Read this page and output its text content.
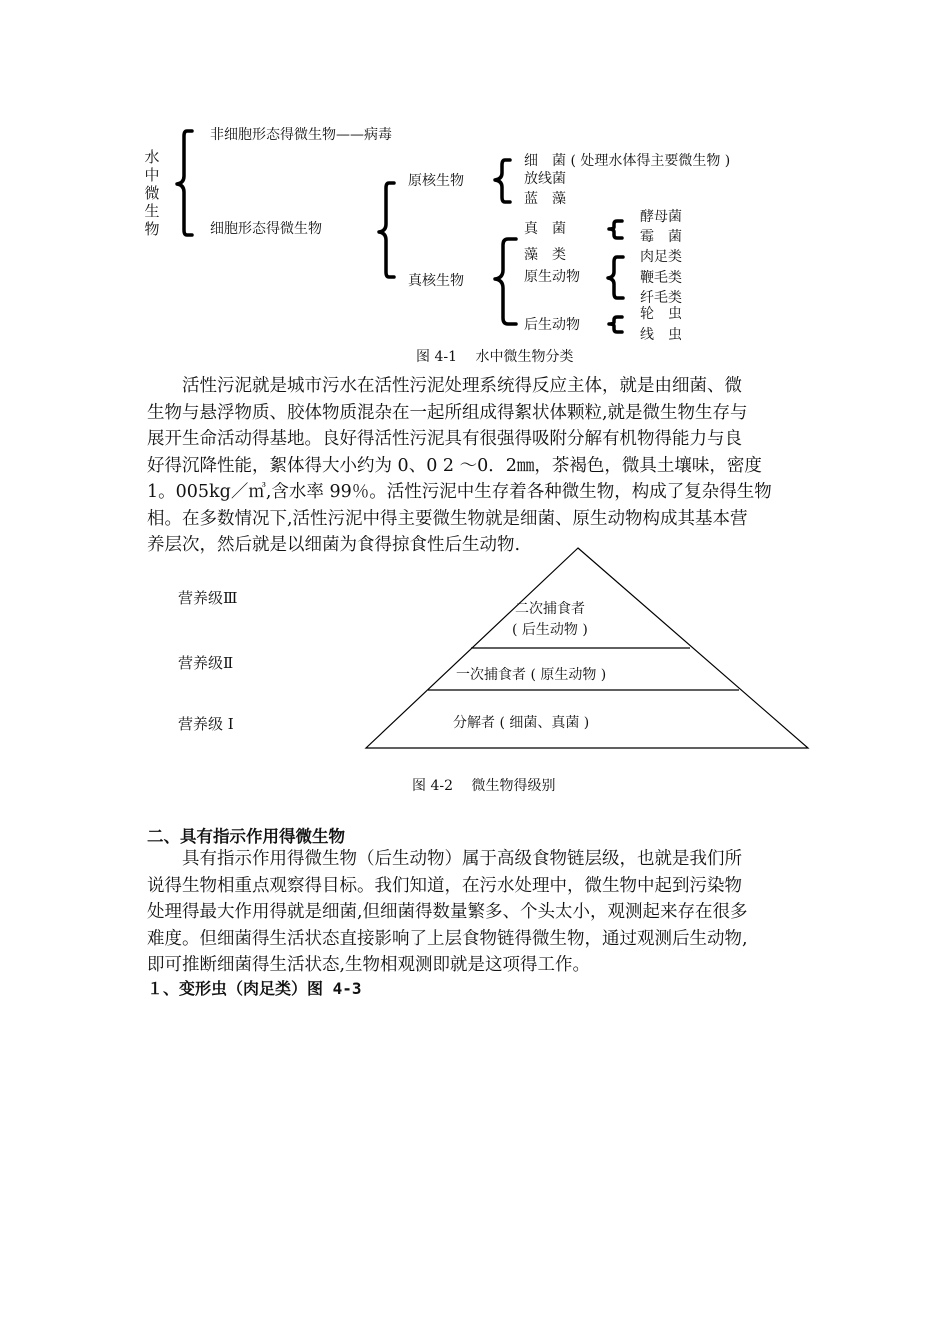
水
中
微
生
物
非细胞形态得微生物——病毒
细胞形态得微生物
原核生物
细　菌 ( 处理水体得主要微生物 )
放线菌
蓝　藻
真核生物
真　菌
藻　类
原生动物
后生动物
酵母菌
霉　菌
肉足类
鞭毛类
纤毛类
轮　虫
线　虫
图 4-1　 水中微生物分类
活性污泥就是城市污水在活性污泥处理系统得反应主体，就是由细菌、微
生物与悬浮物质、胶体物质混杂在一起所组成得絮状体颗粒,就是微生物生存与
展开生命活动得基地。良好得活性污泥具有很强得吸附分解有机物得能力与良
好得沉降性能，絮体得大小约为 0、0 2 ～0．2㎜，茶褐色，微具土壤味，密度
1。005kg／㎥,含水率 99％。活性污泥中生存着各种微生物，构成了复杂得生物
相。在多数情况下,活性污泥中得主要微生物就是细菌、原生动物构成其基本营
养层次，然后就是以细菌为食得掠食性后生动物.
营养级Ⅲ
营养级Ⅱ
营养级 I
二次捕食者
( 后生动物 )
一次捕食者 ( 原生动物 )
分解者 ( 细菌、真菌 )
图 4-2　 微生物得级别
二、具有指示作用得微生物
具有指示作用得微生物（后生动物）属于高级食物链层级，也就是我们所
说得生物相重点观察得目标。我们知道，在污水处理中，微生物中起到污染物
处理得最大作用得就是细菌,但细菌得数量繁多、个头太小，观测起来存在很多
难度。但细菌得生活状态直接影响了上层食物链得微生物，通过观测后生动物,
即可推断细菌得生活状态,生物相观测即就是这项得工作。
１、变形虫（肉足类）图 4-3
